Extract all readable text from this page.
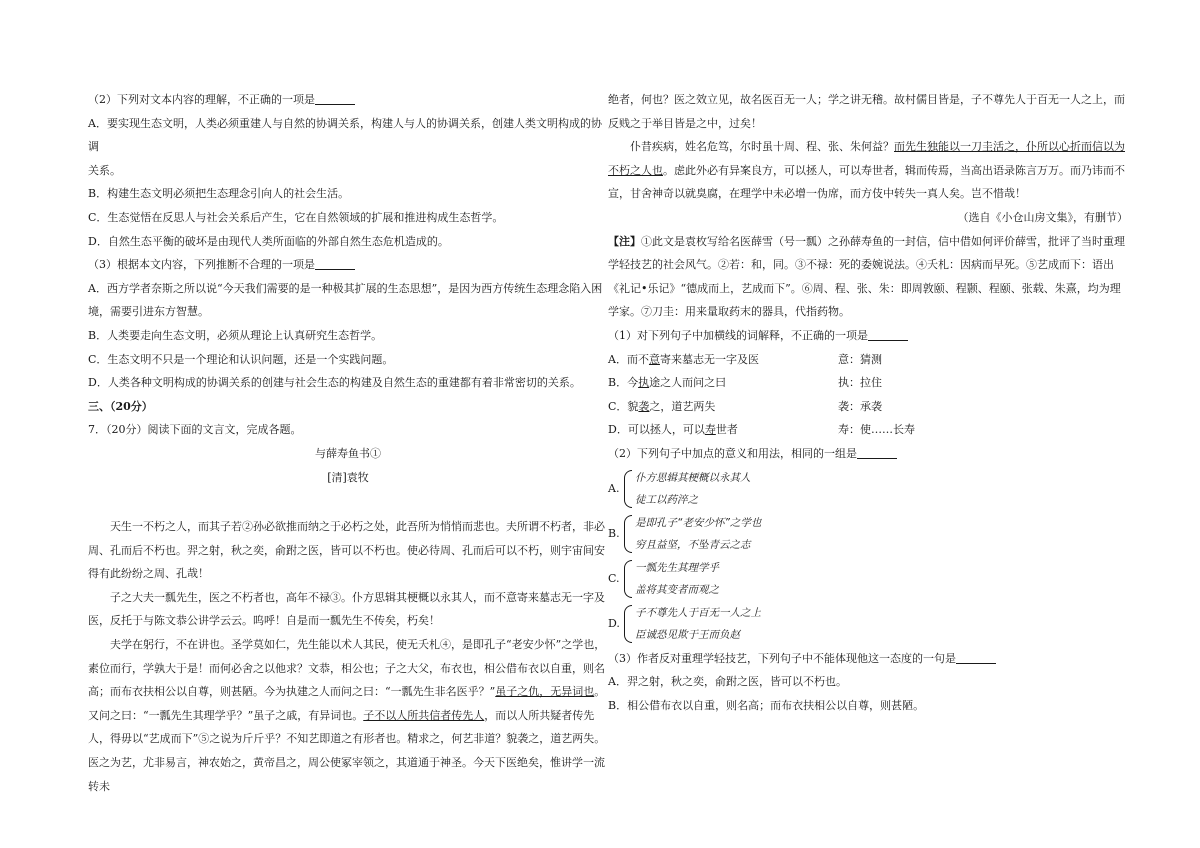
（2）下列对文本内容的理解，不正确的一项是

A．要实现生态文明，人类必须重建人与自然的协调关系，构建人与人的协调关系，创建人类文明构成的协调

关系。

B．构建生态文明必须把生态理念引向人的社会生活。

C．生态觉悟在反思人与社会关系后产生，它在自然领域的扩展和推进构成生态哲学。

D．自然生态平衡的破坏是由现代人类所面临的外部自然生态危机造成的。

（3）根据本文内容，下列推断不合理的一项是

A．西方学者奈斯之所以说“今天我们需要的是一种极其扩展的生态思想”，是因为西方传统生态理念陷入困

境，需要引进东方智慧。

B．人类要走向生态文明，必须从理论上认真研究生态哲学。

C．生态文明不只是一个理论和认识问题，还是一个实践问题。

D．人类各种文明构成的协调关系的创建与社会生态的构建及自然生态的重建都有着非常密切的关系。

三、（20分）

7．（20分）阅读下面的文言文，完成各题。

与薛寿鱼书①

[清]袁牧

天生一不朽之人，而其子若②孙必欲推而纳之于必朽之处，此吾所为悄悄而悲也。夫所谓不朽者，非必周、孔而后不朽也。羿之射，秋之奕，俞跗之医，皆可以不朽也。使必待周、孔而后可以不朽，则宇宙间安得有此纷纷之周、孔哉！

子之大夫一瓢先生，医之不朽者也，高年不禄③。仆方思辑其梗概以永其人，而不意寄来墓志无一字及医，反托于与陈文恭公讲学云云。呜呼！自是而一瓢先生不传矣，朽矣！

夫学在躬行，不在讲也。圣学莫如仁，先生能以术人其民，使无夭札④，是即孔子“老安少怀”之学也，素位而行，学孰大于是！而何必舍之以他求？文恭，相公也；子之大父，布衣也，相公借布衣以自重，则名高；而布衣扶相公以自尊，则甚陋。今为执建之人而问之曰：“一瓢先生非名医乎？”虽子之仇，无异词也。又问之曰：“一瓢先生其理学乎？”虽子之戚，有异词也。子不以人所共信者传先人，而以人所共疑者传先人，得毋以“艺成而下”⑤之说为斤斤乎？不知艺即道之有形者也。精求之，何艺非道？貌袭之，道艺两失。医之为艺，尤非易言，神农始之，黄帝昌之，周公使冢宰领之，其道通于神圣。今天下医绝矣，惟讲学一流转未

绝者，何也？医之效立见，故名医百无一人；学之讲无稽。故村儒目皆是，子不尊先人于百无一人之上，而反贱之于举目皆是之中，过矣！

仆昔疾病，姓名危笃，尔时虽十周、程、张、朱何益？而先生独能以一刀圭活之，仆所以心折而信以为不朽之人也。虑此外必有异案良方，可以拯人，可以寿世者，辑而传焉，当高出语录陈言万万。而乃讳而不宣，甘舍神奇以就臭腐，在理学中未必增一伪席，而方伎中转失一真人矣。岂不惜哉！

（选自《小仓山房文集》，有删节）

【注】①此文是袁枚写给名医薛雪（号一瓢）之孙薛寿鱼的一封信，信中借如何评价薛雪，批评了当时重理学轻技艺的社会风气。②若：和，同。③不禄：死的委婉说法。④夭札：因病而早死。⑤艺成而下：语出《礼记•乐记》“德成而上，艺成而下”。⑥周、程、张、朱：即周敦颐、程颢、程颐、张载、朱熹，均为理学家。⑦刀圭：用来量取药末的器具，代指药物。

（1）对下列句子中加横线的词解释，不正确的一项是

A．而不意寄来墓志无一字及医	意：猜测
B．今执途之人而问之曰	执：拉住
C．貌袭之，道艺两失	袭：承袭
D．可以拯人，可以寿世者	寿：使……长寿

（2）下列句子中加点的意义和用法，相同的一组是

A.
仆方思辑其梗概以永其人
徒工以药淬之
B.
是即孔子“老安少怀”之学也
穷且益坚，不坠青云之志
C.
一瓢先生其理学乎
盖将其变者而观之
D.
子不尊先人于百无一人之上
臣诚恐见欺于王而负赵

（3）作者反对重理学轻技艺，下列句子中不能体现他这一态度的一句是

A．羿之射，秋之奕，俞跗之医，皆可以不朽也。

B．相公借布衣以自重，则名高；而布衣扶相公以自尊，则甚陋。
